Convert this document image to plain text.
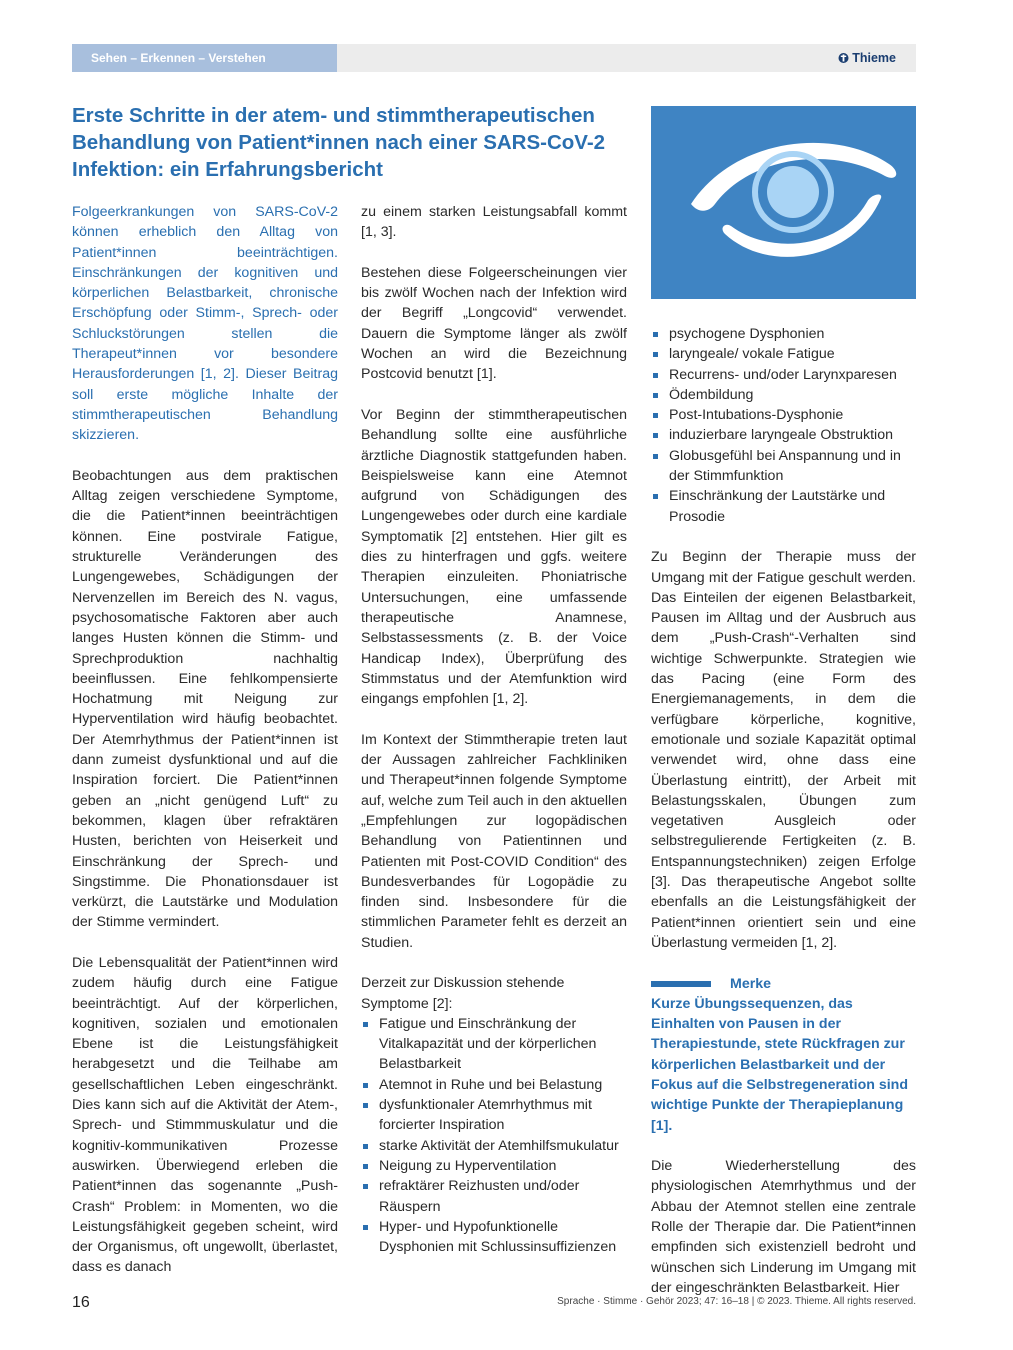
Sehen – Erkennen – Verstehen	Thieme
Erste Schritte in der atem- und stimmtherapeutischen Behandlung von Patient*innen nach einer SARS-CoV-2 Infektion: ein Erfahrungsbericht

Folgeerkrankungen von SARS-CoV-2 können erheblich den Alltag von Patient*innen beeinträchtigen. Einschränkungen der kognitiven und körperlichen Belastbarkeit, chronische Erschöpfung oder Stimm-, Sprech- oder Schluckstörungen stellen die Therapeut*innen vor besondere Herausforderungen [1, 2]. Dieser Beitrag soll erste mögliche Inhalte der stimmtherapeutischen Behandlung skizzieren.

Beobachtungen aus dem praktischen Alltag zeigen verschiedene Symptome, die die Patient*innen beeinträchtigen können. Eine postvirale Fatigue, strukturelle Veränderungen des Lungengewebes, Schädigungen der Nervenzellen im Bereich des N. vagus, psychosomatische Faktoren aber auch langes Husten können die Stimm- und Sprechproduktion nachhaltig beeinflussen. Eine fehlkompensierte Hochatmung mit Neigung zur Hyperventilation wird häufig beobachtet. Der Atemrhythmus der Patient*innen ist dann zumeist dysfunktional und auf die Inspiration forciert. Die Patient*innen geben an „nicht genügend Luft“ zu bekommen, klagen über refraktären Husten, berichten von Heiserkeit und Einschränkung der Sprech- und Singstimme. Die Phonationsdauer ist verkürzt, die Lautstärke und Modulation der Stimme vermindert.

Die Lebensqualität der Patient*innen wird zudem häufig durch eine Fatigue beeinträchtigt. Auf der körperlichen, kognitiven, sozialen und emotionalen Ebene ist die Leistungsfähigkeit herabgesetzt und die Teilhabe am gesellschaftlichen Leben eingeschränkt. Dies kann sich auf die Aktivität der Atem-, Sprech- und Stimmmuskulatur und die kognitiv-kommunikativen Prozesse auswirken. Überwiegend erleben die Patient*innen das sogenannte „Push-Crash“ Problem: in Momenten, wo die Leistungsfähigkeit gegeben scheint, wird der Organismus, oft ungewollt, überlastet, dass es danach

zu einem starken Leistungsabfall kommt [1, 3].

Bestehen diese Folgeerscheinungen vier bis zwölf Wochen nach der Infektion wird der Begriff „Longcovid“ verwendet. Dauern die Symptome länger als zwölf Wochen an wird die Bezeichnung Postcovid benutzt [1].

Vor Beginn der stimmtherapeutischen Behandlung sollte eine ausführliche ärztliche Diagnostik stattgefunden haben. Beispielsweise kann eine Atemnot aufgrund von Schädigungen des Lungengewebes oder durch eine kardiale Symptomatik [2] entstehen. Hier gilt es dies zu hinterfragen und ggfs. weitere Therapien einzuleiten. Phoniatrische Untersuchungen, eine umfassende therapeutische Anamnese, Selbstassessments (z. B. der Voice Handicap Index), Überprüfung des Stimmstatus und der Atemfunktion wird eingangs empfohlen [1, 2].

Im Kontext der Stimmtherapie treten laut der Aussagen zahlreicher Fachkliniken und Therapeut*innen folgende Symptome auf, welche zum Teil auch in den aktuellen „Empfehlungen zur logopädischen Behandlung von Patientinnen und Patienten mit Post-COVID Condition“ des Bundesverbandes für Logopädie zu finden sind. Insbesondere für die stimmlichen Parameter fehlt es derzeit an Studien.

Derzeit zur Diskussion stehende Symptome [2]:

Fatigue und Einschränkung der Vitalkapazität und der körperlichen Belastbarkeit
Atemnot in Ruhe und bei Belastung
dysfunktionaler Atemrhythmus mit forcierter Inspiration
starke Aktivität der Atemhilfsmukulatur
Neigung zu Hyperventilation
refraktärer Reizhusten und/oder Räuspern
Hyper- und Hypofunktionelle Dysphonien mit Schlussinsuffizienzen
psychogene Dysphonien
laryngeale/ vokale Fatigue
Recurrens- und/oder Larynxparesen
Ödembildung
Post-Intubations-Dysphonie
induzierbare laryngeale Obstruktion
Globusgefühl bei Anspannung und in der Stimmfunktion
Einschränkung der Lautstärke und Prosodie

Zu Beginn der Therapie muss der Umgang mit der Fatigue geschult werden. Das Einteilen der eigenen Belastbarkeit, Pausen im Alltag und der Ausbruch aus dem „Push-Crash“-Verhalten sind wichtige Schwerpunkte. Strategien wie das Pacing (eine Form des Energiemanagements, in dem die verfügbare körperliche, kognitive, emotionale und soziale Kapazität optimal verwendet wird, ohne dass eine Überlastung eintritt), der Arbeit mit Belastungsskalen, Übungen zum vegetativen Ausgleich oder selbstregulierende Fertigkeiten (z. B. Entspannungstechniken) zeigen Erfolge [3]. Das therapeutische Angebot sollte ebenfalls an die Leistungsfähigkeit der Patient*innen orientiert sein und eine Überlastung vermeiden [1, 2].

Merke
Kurze Übungssequenzen, das Einhalten von Pausen in der Therapiestunde, stete Rückfragen zur körperlichen Belastbarkeit und der Fokus auf die Selbstregeneration sind wichtige Punkte der Therapieplanung [1].

Die Wiederherstellung des physiologischen Atemrhythmus und der Abbau der Atemnot stellen eine zentrale Rolle der Therapie dar. Die Patient*innen empfinden sich existenziell bedroht und wünschen sich Linderung im Umgang mit der eingeschränkten Belastbarkeit. Hier

16	Sprache · Stimme · Gehör 2023; 47: 16–18 | © 2023. Thieme. All rights reserved.
